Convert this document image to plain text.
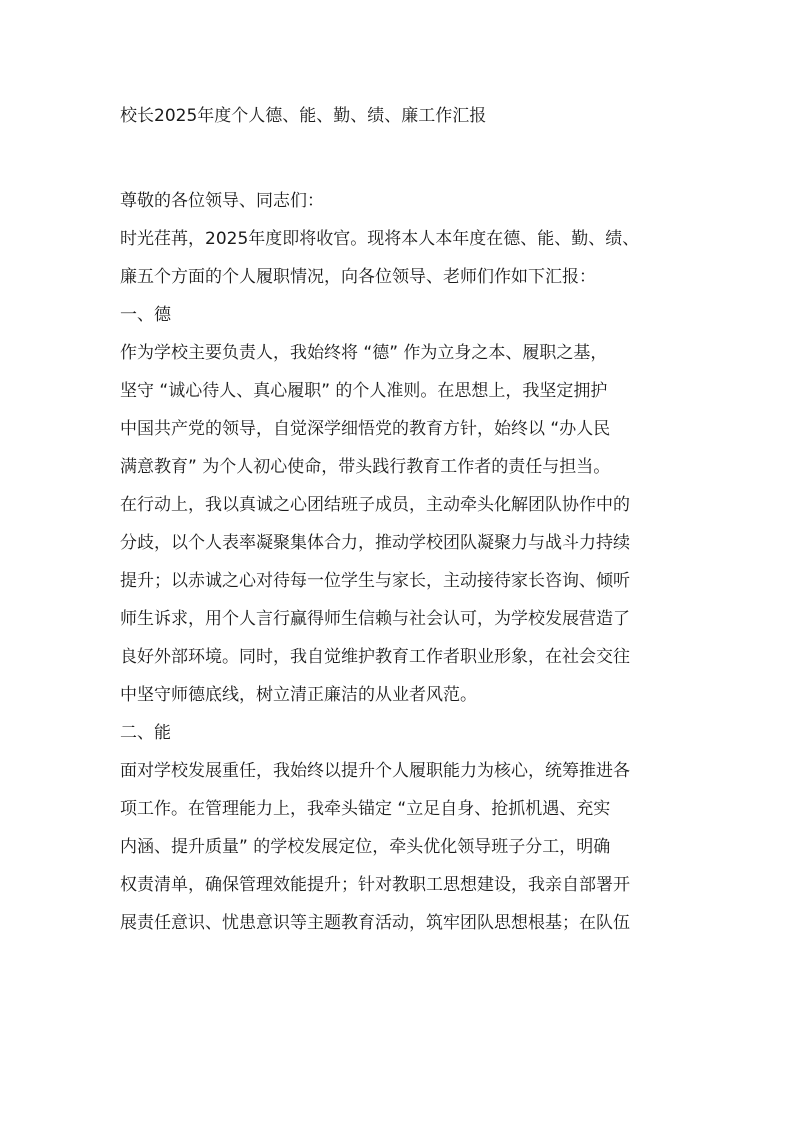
校长2025年度个人德、能、勤、绩、廉工作汇报
尊敬的各位领导、同志们：
时光荏苒，2025年度即将收官。现将本人本年度在德、能、勤、绩、
廉五个方面的个人履职情况，向各位领导、老师们作如下汇报：
一、德
作为学校主要负责人，我始终将 “德” 作为立身之本、履职之基，
坚守 “诚心待人、真心履职” 的个人准则。在思想上，我坚定拥护
中国共产党的领导，自觉深学细悟党的教育方针，始终以 “办人民
满意教育” 为个人初心使命，带头践行教育工作者的责任与担当。
在行动上，我以真诚之心团结班子成员，主动牵头化解团队协作中的
分歧，以个人表率凝聚集体合力，推动学校团队凝聚力与战斗力持续
提升；以赤诚之心对待每一位学生与家长，主动接待家长咨询、倾听
师生诉求，用个人言行赢得师生信赖与社会认可，为学校发展营造了
良好外部环境。同时，我自觉维护教育工作者职业形象，在社会交往
中坚守师德底线，树立清正廉洁的从业者风范。
二、能
面对学校发展重任，我始终以提升个人履职能力为核心，统筹推进各
项工作。在管理能力上，我牵头锚定 “立足自身、抢抓机遇、充实
内涵、提升质量” 的学校发展定位，牵头优化领导班子分工，明确
权责清单，确保管理效能提升；针对教职工思想建设，我亲自部署开
展责任意识、忧患意识等主题教育活动，筑牢团队思想根基；在队伍
